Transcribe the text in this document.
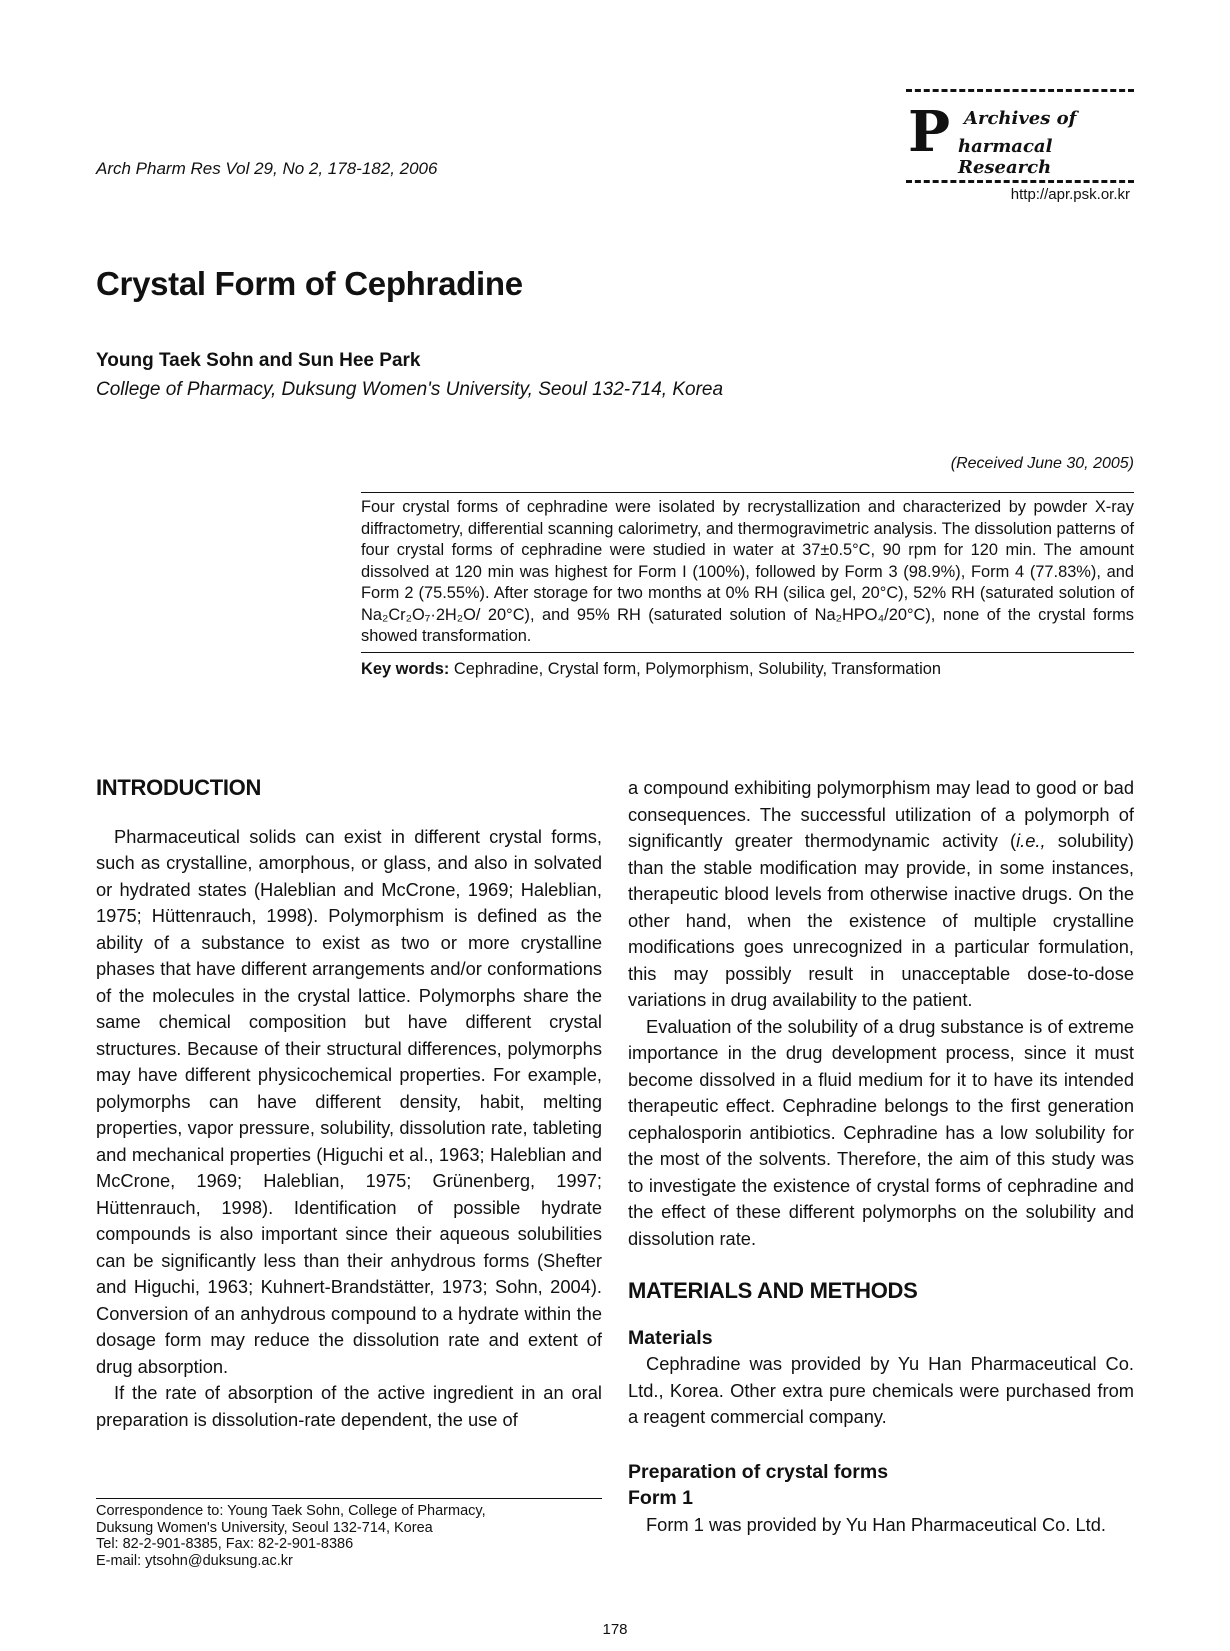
Arch Pharm Res Vol 29, No 2, 178-182, 2006
P Archives of
harmacal Research
http://apr.psk.or.kr
Crystal Form of Cephradine
Young Taek Sohn and Sun Hee Park
College of Pharmacy, Duksung Women's University, Seoul 132-714, Korea
(Received June 30, 2005)

Four crystal forms of cephradine were isolated by recrystallization and characterized by powder X-ray diffractometry, differential scanning calorimetry, and thermogravimetric analysis. The dissolution patterns of four crystal forms of cephradine were studied in water at 37±0.5°C, 90 rpm for 120 min. The amount dissolved at 120 min was highest for Form I (100%), followed by Form 3 (98.9%), Form 4 (77.83%), and Form 2 (75.55%). After storage for two months at 0% RH (silica gel, 20°C), 52% RH (saturated solution of Na₂Cr₂O₇·2H₂O/ 20°C), and 95% RH (saturated solution of Na₂HPO₄/20°C), none of the crystal forms showed transformation.

Key words: Cephradine, Crystal form, Polymorphism, Solubility, Transformation
INTRODUCTION

Pharmaceutical solids can exist in different crystal forms, such as crystalline, amorphous, or glass, and also in solvated or hydrated states (Haleblian and McCrone, 1969; Haleblian, 1975; Hüttenrauch, 1998). Polymorphism is defined as the ability of a substance to exist as two or more crystalline phases that have different arrangements and/or conformations of the molecules in the crystal lattice. Polymorphs share the same chemical composition but have different crystal structures. Because of their structural differences, polymorphs may have different physicochemical properties. For example, polymorphs can have different density, habit, melting properties, vapor pressure, solubility, dissolution rate, tableting and mechanical properties (Higuchi et al., 1963; Haleblian and McCrone, 1969; Haleblian, 1975; Grünenberg, 1997; Hüttenrauch, 1998). Identification of possible hydrate compounds is also important since their aqueous solubilities can be significantly less than their anhydrous forms (Shefter and Higuchi, 1963; Kuhnert-Brandstätter, 1973; Sohn, 2004). Conversion of an anhydrous compound to a hydrate within the dosage form may reduce the dissolution rate and extent of drug absorption.

If the rate of absorption of the active ingredient in an oral preparation is dissolution-rate dependent, the use of

a compound exhibiting polymorphism may lead to good or bad consequences. The successful utilization of a polymorph of significantly greater thermodynamic activity (i.e., solubility) than the stable modification may provide, in some instances, therapeutic blood levels from otherwise inactive drugs. On the other hand, when the existence of multiple crystalline modifications goes unrecognized in a particular formulation, this may possibly result in unacceptable dose-to-dose variations in drug availability to the patient.

Evaluation of the solubility of a drug substance is of extreme importance in the drug development process, since it must become dissolved in a fluid medium for it to have its intended therapeutic effect. Cephradine belongs to the first generation cephalosporin antibiotics. Cephradine has a low solubility for the most of the solvents. Therefore, the aim of this study was to investigate the existence of crystal forms of cephradine and the effect of these different polymorphs on the solubility and dissolution rate.

MATERIALS AND METHODS
Materials

Cephradine was provided by Yu Han Pharmaceutical Co. Ltd., Korea. Other extra pure chemicals were purchased from a reagent commercial company.

Preparation of crystal forms
Form 1

Form 1 was provided by Yu Han Pharmaceutical Co. Ltd.

Correspondence to: Young Taek Sohn, College of Pharmacy,
Duksung Women's University, Seoul 132-714, Korea
Tel: 82-2-901-8385, Fax: 82-2-901-8386
E-mail: ytsohn@duksung.ac.kr
178
